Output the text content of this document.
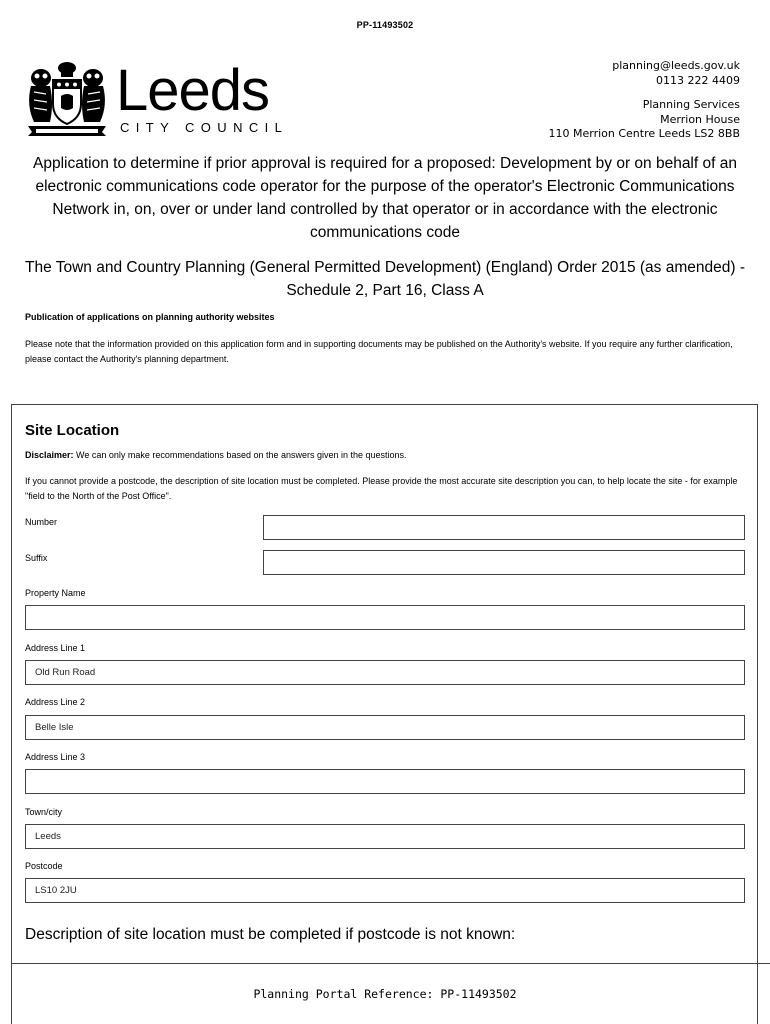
PP-11493502
Leeds
CITY COUNCIL
planning@leeds.gov.uk
0113 222 4409
Planning Services
Merrion House
110 Merrion Centre Leeds LS2 8BB
Application to determine if prior approval is required for a proposed: Development by or on behalf of an electronic communications code operator for the purpose of the operator's Electronic Communications Network in, on, over or under land controlled by that operator or in accordance with the electronic communications code
The Town and Country Planning (General Permitted Development) (England) Order 2015 (as amended) - Schedule 2, Part 16, Class A
Publication of applications on planning authority websites
Please note that the information provided on this application form and in supporting documents may be published on the Authority's website. If you require any further clarification, please contact the Authority's planning department.
Site Location
Disclaimer: We can only make recommendations based on the answers given in the questions.
If you cannot provide a postcode, the description of site location must be completed. Please provide the most accurate site description you can, to help locate the site - for example "field to the North of the Post Office".
Number
Suffix
Property Name
Address Line 1
Old Run Road
Address Line 2
Belle Isle
Address Line 3
Town/city
Leeds
Postcode
LS10 2JU
Description of site location must be completed if postcode is not known:
Planning Portal Reference: PP-11493502
